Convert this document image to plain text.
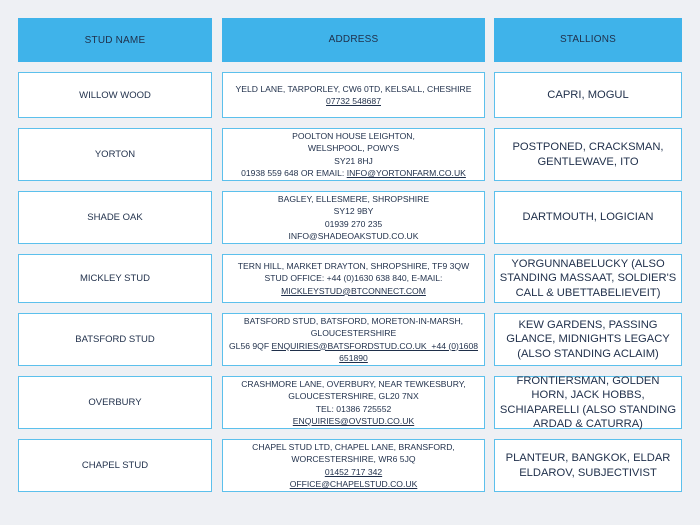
STUD NAME	ADDRESS	STALLIONS
WILLOW WOOD
YELD LANE, TARPORLEY, CW6 0TD, KELSALL, CHESHIRE
07732 548687
CAPRI, MOGUL
YORTON
POOLTON HOUSE LEIGHTON,
WELSHPOOL, POWYS
SY21 8HJ
01938 559 648 OR EMAIL: INFO@YORTONFARM.CO.UK
POSTPONED, CRACKSMAN, GENTLEWAVE, ITO
SHADE OAK
BAGLEY, ELLESMERE, SHROPSHIRE
SY12 9BY
01939 270 235
INFO@SHADEOAKSTUD.CO.UK
DARTMOUTH, LOGICIAN
MICKLEY STUD
TERN HILL, MARKET DRAYTON, SHROPSHIRE, TF9 3QW
STUD OFFICE: +44 (0)1630 638 840, E-MAIL:
MICKLEYSTUD@BTCONNECT.COM
YORGUNNABELUCKY (ALSO STANDING MASSAAT, SOLDIER'S CALL & UBETTABELIEVEIT)
BATSFORD STUD
BATSFORD STUD, BATSFORD, MORETON-IN-MARSH,
GLOUCESTERSHIRE
GL56 9QF ENQUIRIES@BATSFORDSTUD.CO.UK  +44 (0)1608
651890
KEW GARDENS, PASSING GLANCE, MIDNIGHTS LEGACY (ALSO STANDING ACLAIM)
OVERBURY
CRASHMORE LANE, OVERBURY, NEAR TEWKESBURY,
GLOUCESTERSHIRE, GL20 7NX
TEL: 01386 725552
ENQUIRIES@OVSTUD.CO.UK
FRONTIERSMAN, GOLDEN HORN, JACK HOBBS, SCHIAPARELLI (ALSO STANDING ARDAD & CATURRA)
CHAPEL STUD
CHAPEL STUD LTD, CHAPEL LANE, BRANSFORD,
WORCESTERSHIRE, WR6 5JQ
01452 717 342
OFFICE@CHAPELSTUD.CO.UK
PLANTEUR, BANGKOK, ELDAR ELDAROV, SUBJECTIVIST
